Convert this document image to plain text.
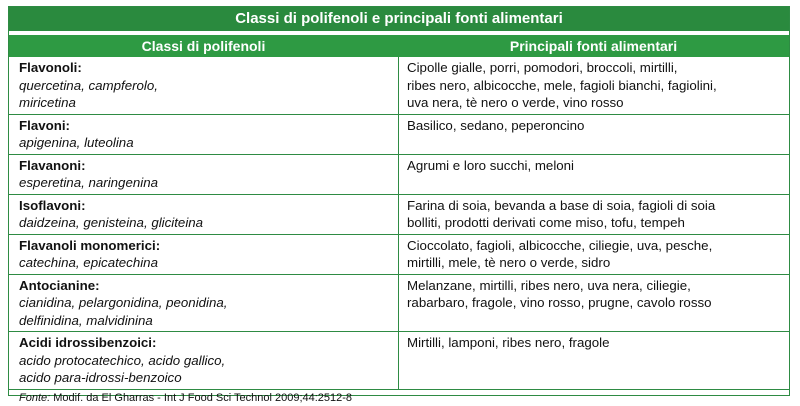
Classi di polifenoli e principali fonti alimentari
Classi di polifenoli	Principali fonti alimentari
Flavonoli:
quercetina, campferolo,
miricetina
Cipolle gialle, porri, pomodori, broccoli, mirtilli,
ribes nero, albicocche, mele, fagioli bianchi, fagiolini,
uva nera, tè nero o verde, vino rosso
Flavoni:
apigenina, luteolina
Basilico, sedano, peperoncino
Flavanoni:
esperetina, naringenina
Agrumi e loro succhi, meloni
Isoflavoni:
daidzeina, genisteina, gliciteina
Farina di soia, bevanda a base di soia, fagioli di soia
bolliti, prodotti derivati come miso, tofu, tempeh
Flavanoli monomerici:
catechina, epicatechina
Cioccolato, fagioli, albicocche, ciliegie, uva, pesche,
mirtilli, mele, tè nero o verde, sidro
Antocianine:
cianidina, pelargonidina, peonidina,
delfinidina, malvidinina
Melanzane, mirtilli, ribes nero, uva nera, ciliegie,
rabarbaro, fragole, vino rosso, prugne, cavolo rosso
Acidi idrossibenzoici:
acido protocatechico, acido gallico,
acido para-idrossi-benzoico
Mirtilli, lamponi, ribes nero, fragole
Fonte: Modif. da El Gharras - Int J Food Sci Technol 2009;44:2512-8
